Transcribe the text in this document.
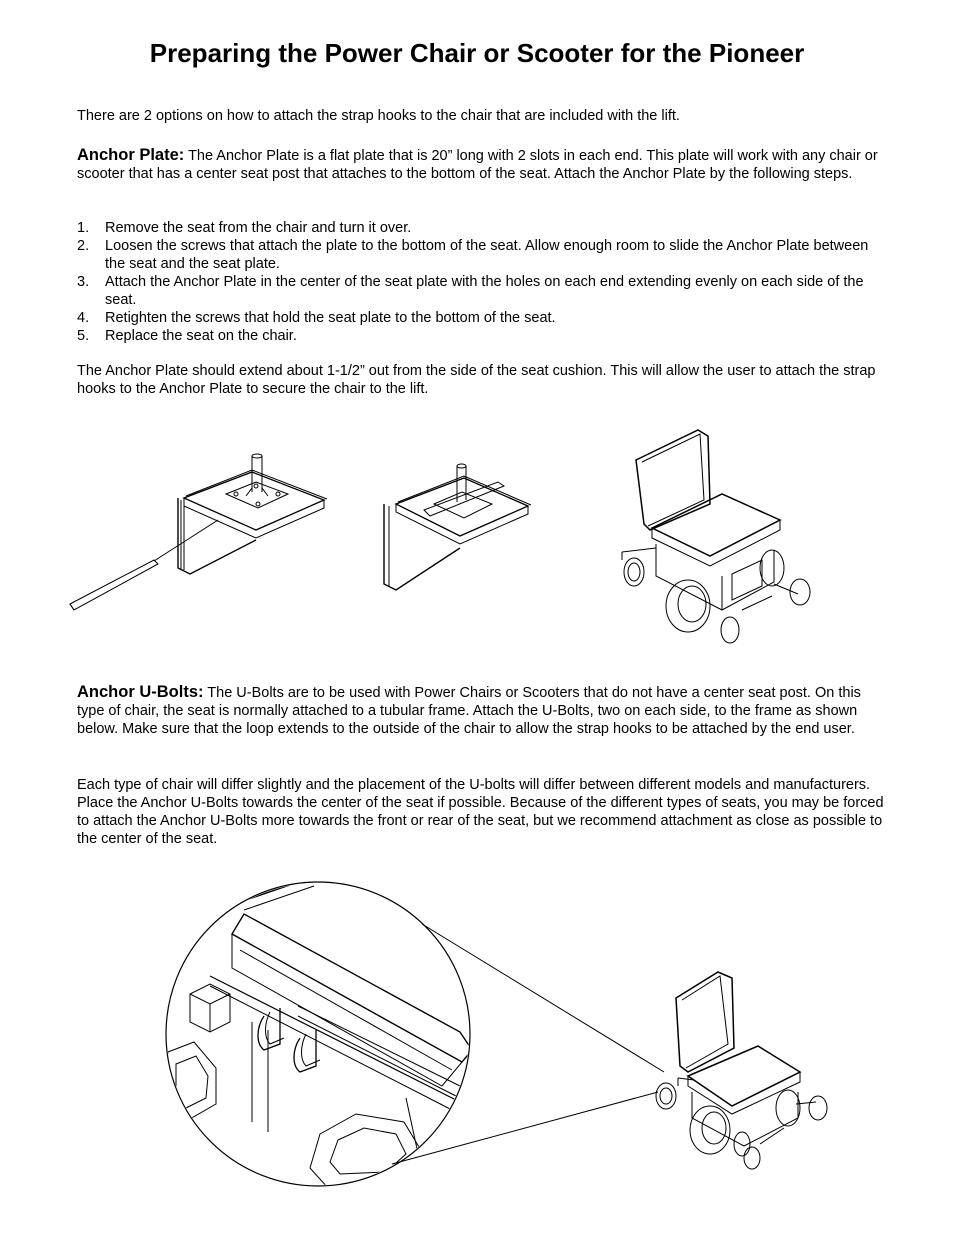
Preparing the Power Chair or Scooter for the Pioneer

There are 2 options on how to attach the strap hooks to the chair that are included with the lift.

Anchor Plate: The Anchor Plate is a flat plate that is 20” long with 2 slots in each end. This plate will work with any chair or scooter that has a center seat post that attaches to the bottom of the seat. Attach the Anchor Plate by the following steps.

1. Remove the seat from the chair and turn it over.
2. Loosen the screws that attach the plate to the bottom of the seat. Allow enough room to slide the Anchor Plate between the seat and the seat plate.
3. Attach the Anchor Plate in the center of the seat plate with the holes on each end extending evenly on each side of the seat.
4. Retighten the screws that hold the seat plate to the bottom of the seat.
5. Replace the seat on the chair.

The Anchor Plate should extend about 1-1/2” out from the side of the seat cushion. This will allow the user to attach the strap hooks to the Anchor Plate to secure the chair to the lift.

Anchor U-Bolts: The U-Bolts are to be used with Power Chairs or Scooters that do not have a center seat post. On this type of chair, the seat is normally attached to a tubular frame. Attach the U-Bolts, two on each side, to the frame as shown below. Make sure that the loop extends to the outside of the chair to allow the strap hooks to be attached by the end user.

Each type of chair will differ slightly and the placement of the U-bolts will differ between different models and manufacturers. Place the Anchor U-Bolts towards the center of the seat if possible. Because of the different types of seats, you may be forced to attach the Anchor U-Bolts more towards the front or rear of the seat, but we recommend attachment as close as possible to the center of the seat.
